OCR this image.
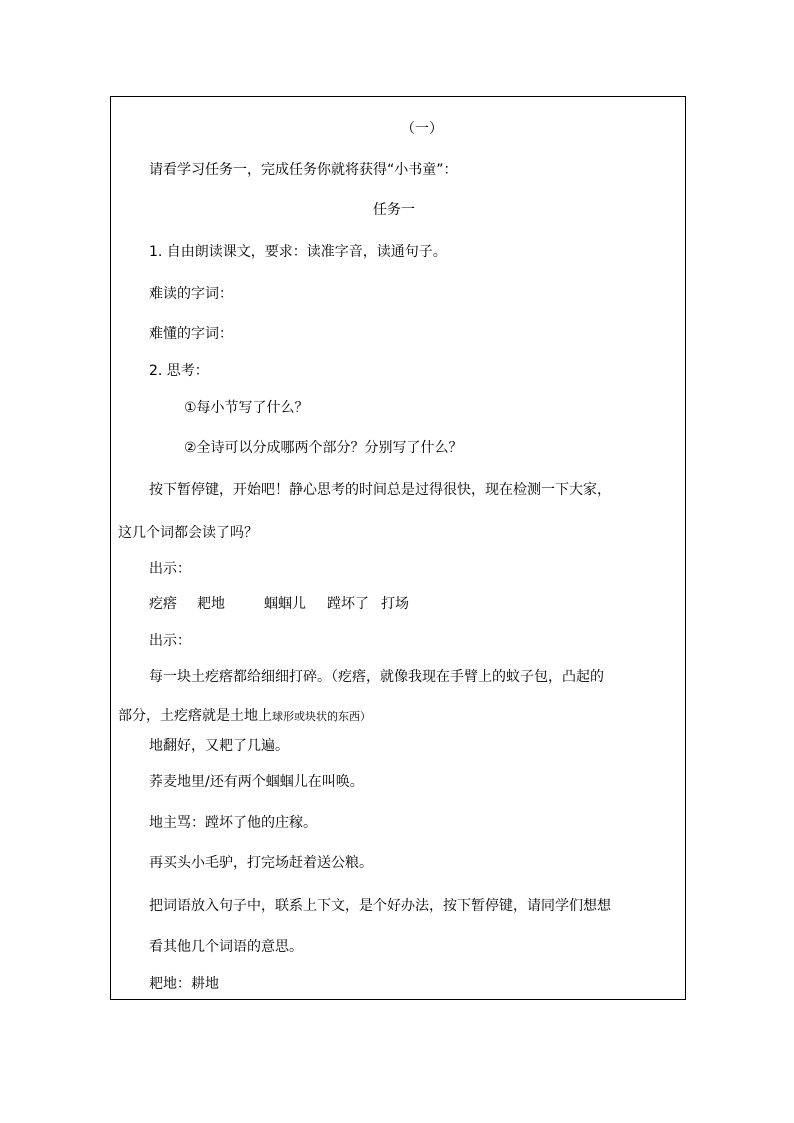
（一）
请看学习任务一，完成任务你就将获得“小书童”：
任务一
1. 自由朗读课文，要求：读准字音，读通句子。
难读的字词：
难懂的字词：
2. 思考：
①每小节写了什么？
②全诗可以分成哪两个部分？分别写了什么？
按下暂停键，开始吧！静心思考的时间总是过得很快，现在检测一下大家，
这几个词都会读了吗？
出示：
疙瘩 耙地	蝈蝈儿 蹚坏了 打场
出示：
每一块土疙瘩都给细细打碎。（疙瘩，就像我现在手臂上的蚊子包，凸起的
部分，土疙瘩就是土地上球形或块状的东西）
地翻好，又耙了几遍。
荞麦地里/还有两个蝈蝈儿在叫唤。
地主骂：蹚坏了他的庄稼。
再买头小毛驴，打完场赶着送公粮。
把词语放入句子中，联系上下文，是个好办法，按下暂停键，请同学们想想
看其他几个词语的意思。
耙地：耕地
